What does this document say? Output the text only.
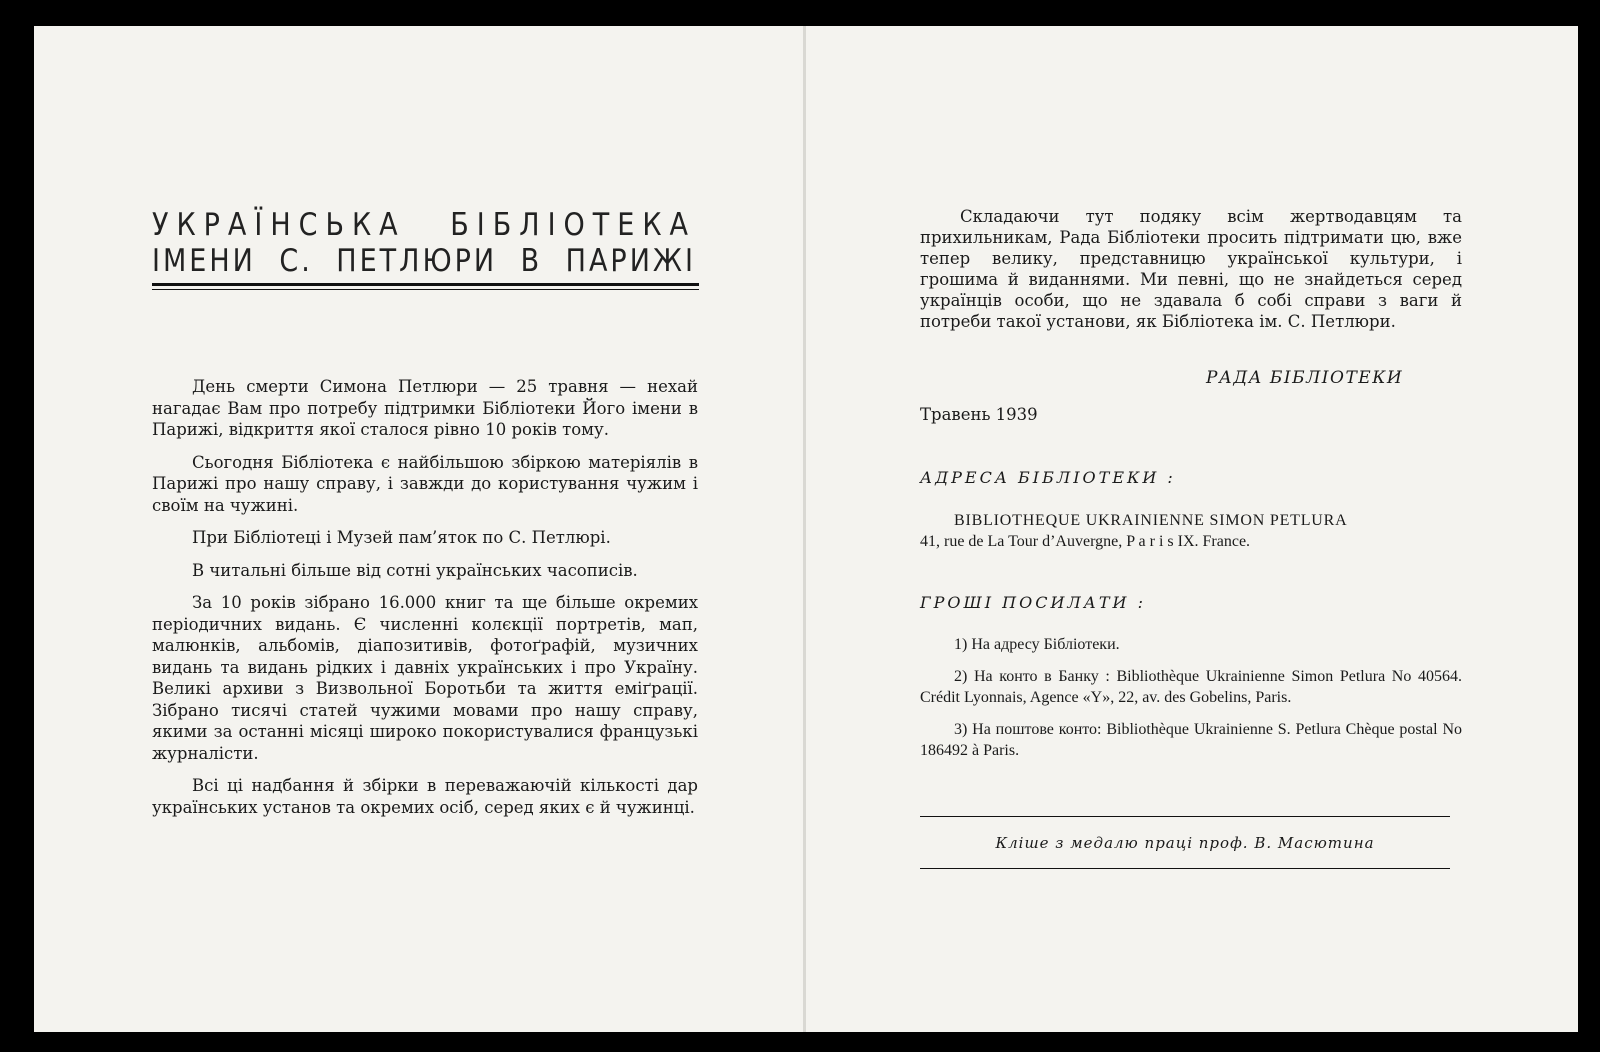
УКРАЇНСЬКА БІБЛІОТЕКА
ІМЕНИ С. ПЕТЛЮРИ В ПАРИЖІ

День смерти Симона Петлюри — 25 травня — нехай нагадає Вам про потребу підтримки Бібліотеки Його імени в Парижі, відкриття якої сталося рівно 10 років тому.

Сьогодня Бібліотека є найбільшою збіркою матеріялів в Парижі про нашу справу, і завжди до користування чужим і своїм на чужині.

При Бібліотеці і Музей пам’яток по С. Петлюрі.

В читальні більше від сотні українських часописів.

За 10 років зібрано 16.000 книг та ще більше окремих періодичних видань. Є численні колєкції портретів, мап, малюнків, альбомів, діапозитивів, фотоґрафій, музичних видань та видань рідких і давніх українських і про Україну. Великі архиви з Визвольної Боротьби та життя еміґрації. Зібрано тисячі статей чужими мовами про нашу справу, якими за останні місяці широко покористувалися французькі журналісти.

Всі ці надбання й збірки в переважаючій кількості дар українських установ та окремих осіб, серед яких є й чужинці.

Складаючи тут подяку всім жертводавцям та прихильникам, Рада Бібліотеки просить підтримати цю, вже тепер велику, представницю української культури, і грошима й виданнями. Ми певні, що не знайдеться серед українців особи, що не здавала б собі справи з ваги й потреби такої установи, як Бібліотека ім. С. Петлюри.

РАДА БІБЛІОТЕКИ
Травень 1939
АДРЕСА БІБЛІОТЕКИ :
BIBLIOTHEQUE UKRAINIENNE SIMON PETLURA
41, rue de La Tour d’Auvergne, P a r i s IX. France.
ГРОШІ ПОСИЛАТИ :

1) На адресу Бібліотеки.

2) На конто в Банку : Bibliothèque Ukrainienne Simon Petlura No 40564. Crédit Lyonnais, Agence «Y», 22, av. des Gobelins, Paris.

3) На поштове конто: Bibliothèque Ukrainienne S. Petlura Chèque postal No 186492 à Paris.

Кліше з медалю праці проф. В. Масютина
